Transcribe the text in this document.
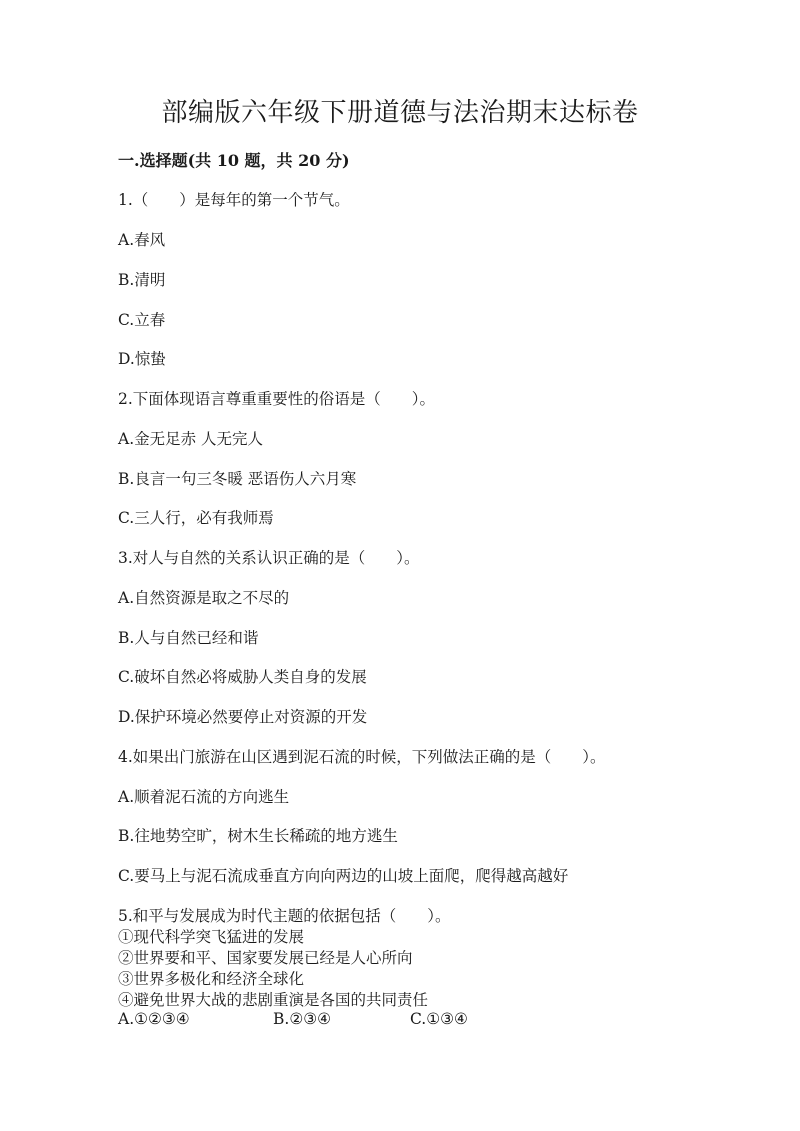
部编版六年级下册道德与法治期末达标卷
一.选择题(共 10 题，共 20 分)
1.（　　）是每年的第一个节气。
A.春风
B.清明
C.立春
D.惊蛰
2.下面体现语言尊重重要性的俗语是（　　）。
A.金无足赤 人无完人
B.良言一句三冬暖 恶语伤人六月寒
C.三人行，必有我师焉
3.对人与自然的关系认识正确的是（　　）。
A.自然资源是取之不尽的
B.人与自然已经和谐
C.破坏自然必将威胁人类自身的发展
D.保护环境必然要停止对资源的开发
4.如果出门旅游在山区遇到泥石流的时候，下列做法正确的是（　　）。
A.顺着泥石流的方向逃生
B.往地势空旷，树木生长稀疏的地方逃生
C.要马上与泥石流成垂直方向向两边的山坡上面爬，爬得越高越好
5.和平与发展成为时代主题的依据包括（　　）。
①现代科学突飞猛进的发展
②世界要和平、国家要发展已经是人心所向
③世界多极化和经济全球化
④避免世界大战的悲剧重演是各国的共同责任
A.①②③④	B.②③④	C.①③④
